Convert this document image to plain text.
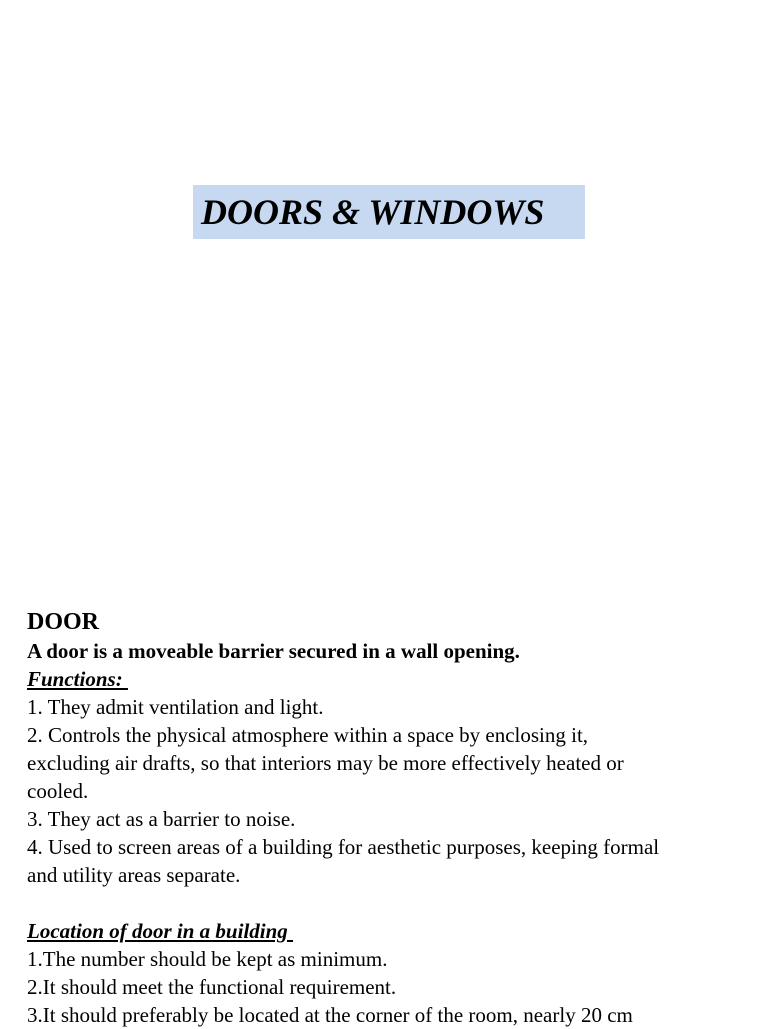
DOORS & WINDOWS
DOOR
A door is a moveable barrier secured in a wall opening.
Functions:
1. They admit ventilation and light.
2. Controls the physical atmosphere within a space by enclosing it,
excluding air drafts, so that interiors may be more effectively heated or
cooled.
3. They act as a barrier to noise.
4. Used to screen areas of a building for aesthetic purposes, keeping formal
and utility areas separate.
Location of door in a building
1.The number should be kept as minimum.
2.It should meet the functional requirement.
3.It should preferably be located at the corner of the room, nearly 20 cm
